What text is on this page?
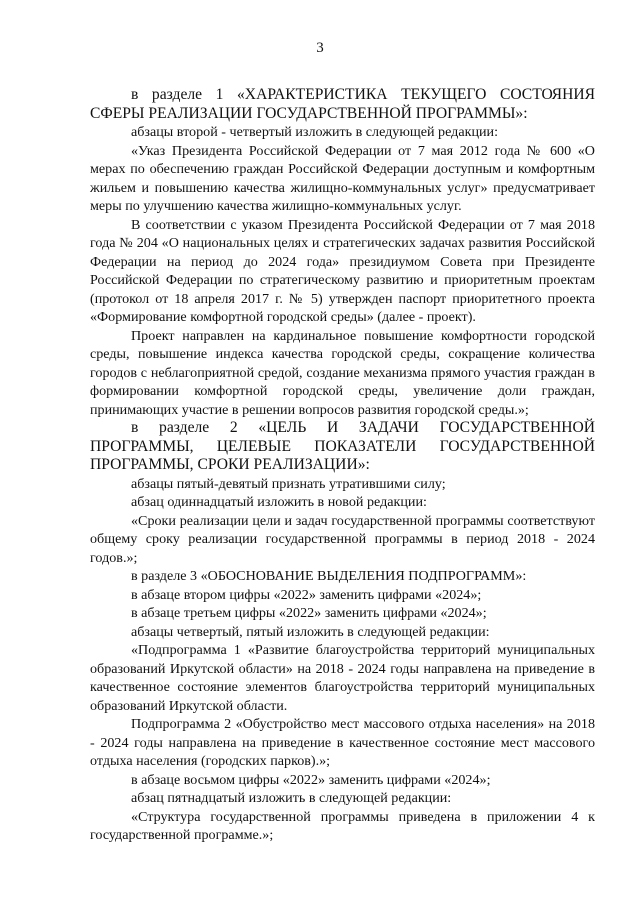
3

в разделе 1 «ХАРАКТЕРИСТИКА ТЕКУЩЕГО СОСТОЯНИЯ СФЕРЫ РЕАЛИЗАЦИИ ГОСУДАРСТВЕННОЙ ПРОГРАММЫ»:

абзацы второй - четвертый изложить в следующей редакции:

«Указ Президента Российской Федерации от 7 мая 2012 года № 600 «О мерах по обеспечению граждан Российской Федерации доступным и комфортным жильем и повышению качества жилищно-коммунальных услуг» предусматривает меры по улучшению качества жилищно-коммунальных услуг.

В соответствии с указом Президента Российской Федерации от 7 мая 2018 года № 204 «О национальных целях и стратегических задачах развития Российской Федерации на период до 2024 года» президиумом Совета при Президенте Российской Федерации по стратегическому развитию и приоритетным проектам (протокол от 18 апреля 2017 г. № 5) утвержден паспорт приоритетного проекта «Формирование комфортной городской среды» (далее - проект).

Проект направлен на кардинальное повышение комфортности городской среды, повышение индекса качества городской среды, сокращение количества городов с неблагоприятной средой, создание механизма прямого участия граждан в формировании комфортной городской среды, увеличение доли граждан, принимающих участие в решении вопросов развития городской среды.»;

в разделе 2 «ЦЕЛЬ И ЗАДАЧИ ГОСУДАРСТВЕННОЙ ПРОГРАММЫ, ЦЕЛЕВЫЕ ПОКАЗАТЕЛИ ГОСУДАРСТВЕННОЙ ПРОГРАММЫ, СРОКИ РЕАЛИЗАЦИИ»:

абзацы пятый-девятый признать утратившими силу;

абзац одиннадцатый изложить в новой редакции:

«Сроки реализации цели и задач государственной программы соответствуют общему сроку реализации государственной программы в период 2018 - 2024 годов.»;

в разделе 3 «ОБОСНОВАНИЕ ВЫДЕЛЕНИЯ ПОДПРОГРАММ»:

в абзаце втором цифры «2022» заменить цифрами «2024»;

в абзаце третьем цифры «2022» заменить цифрами «2024»;

абзацы четвертый, пятый изложить в следующей редакции:

«Подпрограмма 1 «Развитие благоустройства территорий муниципальных образований Иркутской области» на 2018 - 2024 годы направлена на приведение в качественное состояние элементов благоустройства территорий муниципальных образований Иркутской области.

Подпрограмма 2 «Обустройство мест массового отдыха населения» на 2018 - 2024 годы направлена на приведение в качественное состояние мест массового отдыха населения (городских парков).»;

в абзаце восьмом цифры «2022» заменить цифрами «2024»;

абзац пятнадцатый изложить в следующей редакции:

«Структура государственной программы приведена в приложении 4 к государственной программе.»;
